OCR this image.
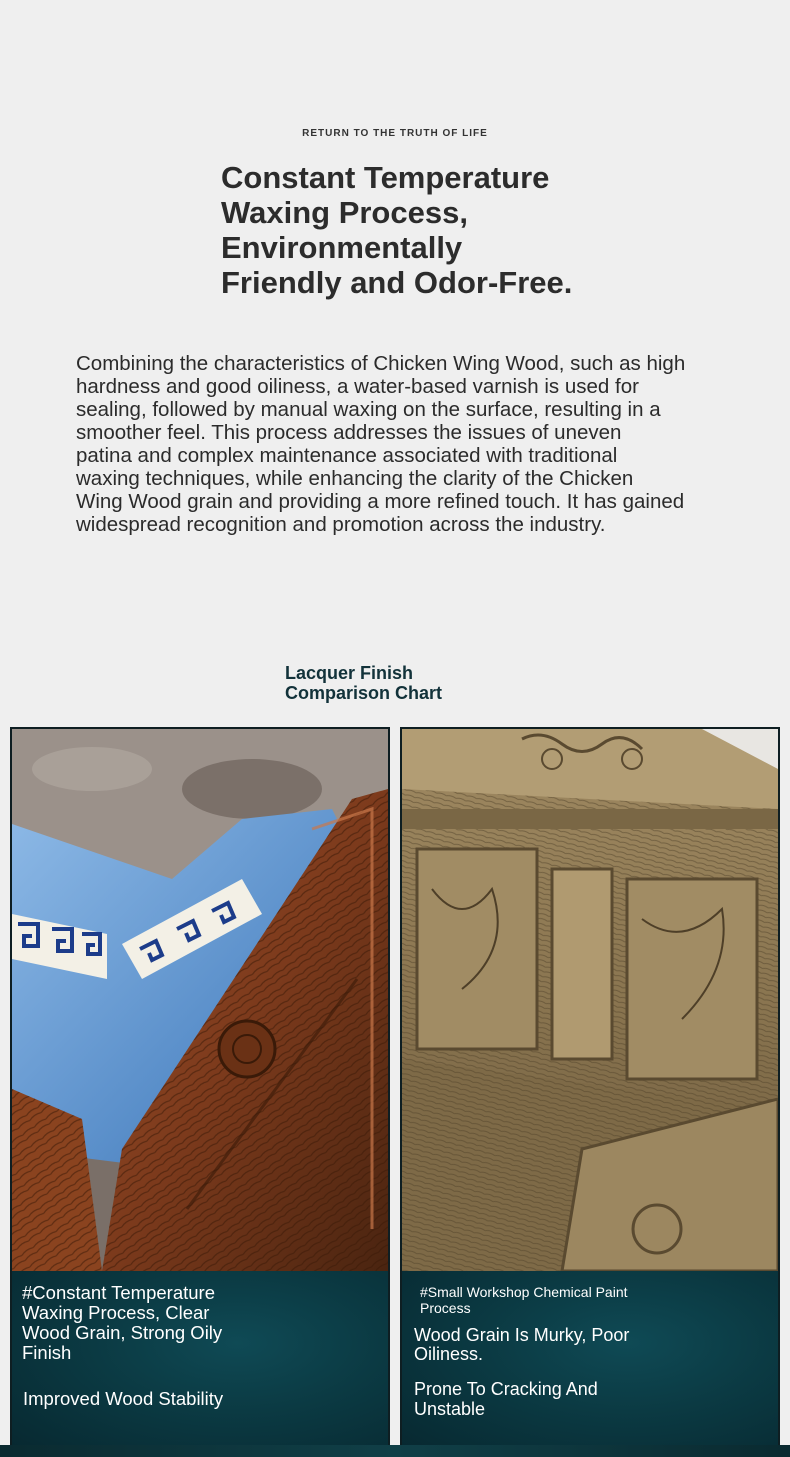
RETURN TO THE TRUTH OF LIFE
Constant Temperature
Waxing Process,
Environmentally
Friendly and Odor-Free.
Combining the characteristics of Chicken Wing Wood, such as high
hardness and good oiliness, a water-based varnish is used for
sealing, followed by manual waxing on the surface, resulting in a
smoother feel. This process addresses the issues of uneven
patina and complex maintenance associated with traditional
waxing techniques, while enhancing the clarity of the Chicken
Wing Wood grain and providing a more refined touch. It has gained
widespread recognition and promotion across the industry.
Lacquer Finish
Comparison Chart
#Constant Temperature
Waxing Process, Clear
Wood Grain, Strong Oily
Finish
Improved Wood Stability
#Small Workshop Chemical Paint
Process
Wood Grain Is Murky, Poor
Oiliness.
Prone To Cracking And
Unstable
